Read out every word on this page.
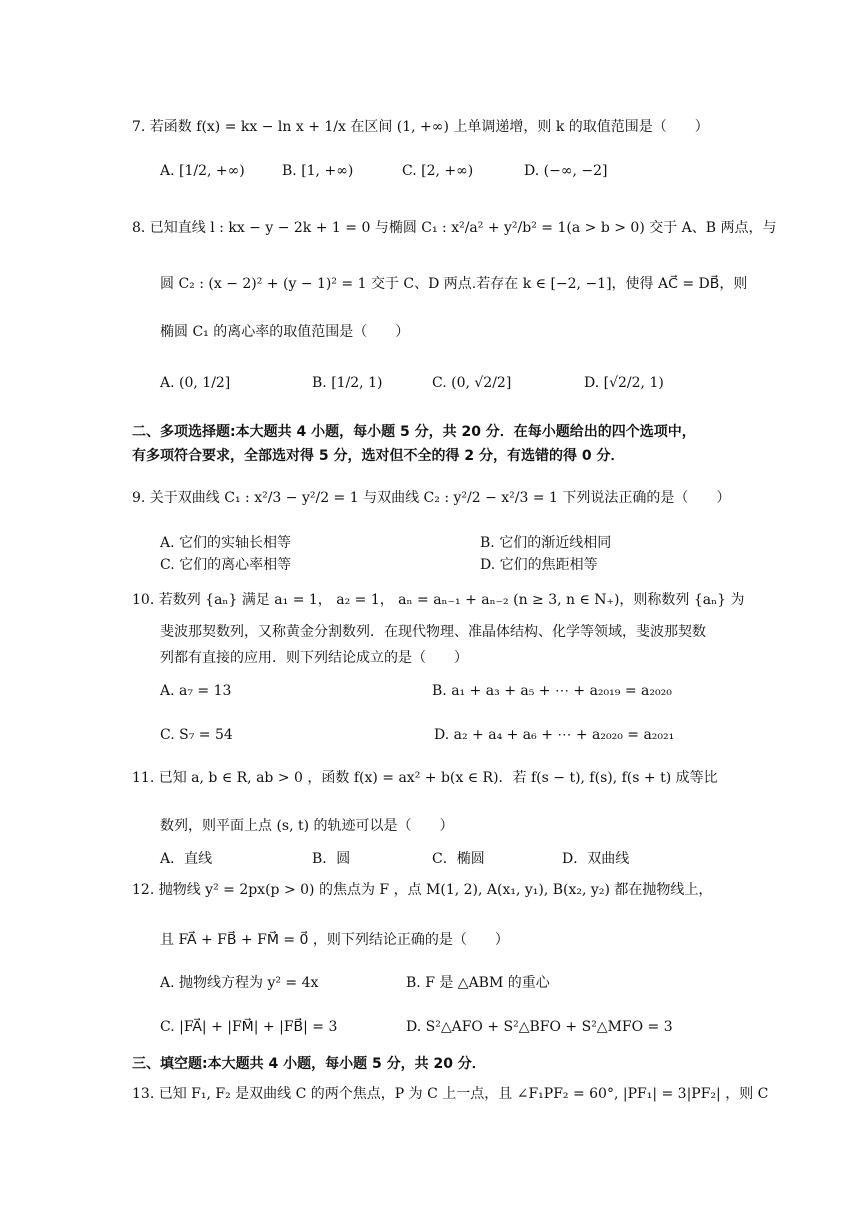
7. 若函数 f(x) = kx − ln x + 1/x 在区间 (1, +∞) 上单调递增，则 k 的取值范围是（　　）
A. [1/2, +∞)	B. [1, +∞)	C. [2, +∞)	D. (−∞, −2]
8. 已知直线 l : kx − y − 2k + 1 = 0 与椭圆 C₁ : x²/a² + y²/b² = 1(a > b > 0) 交于 A、B 两点，与
圆 C₂ : (x − 2)² + (y − 1)² = 1 交于 C、D 两点.若存在 k ∈ [−2, −1]，使得 AC⃗ = DB⃗，则
椭圆 C₁ 的离心率的取值范围是（　　）
A. (0, 1/2]	B. [1/2, 1)	C. (0, √2/2]	D. [√2/2, 1)
二、多项选择题:本大题共 4 小题，每小题 5 分，共 20 分．在每小题给出的四个选项中，
有多项符合要求，全部选对得 5 分，选对但不全的得 2 分，有选错的得 0 分．
9. 关于双曲线 C₁ : x²/3 − y²/2 = 1 与双曲线 C₂ : y²/2 − x²/3 = 1 下列说法正确的是（　　）
A. 它们的实轴长相等	B. 它们的渐近线相同
C. 它们的离心率相等	D. 它们的焦距相等
10. 若数列 {aₙ} 满足 a₁ = 1， a₂ = 1， aₙ = aₙ₋₁ + aₙ₋₂ (n ≥ 3, n ∈ N₊)，则称数列 {aₙ} 为
斐波那契数列，又称黄金分割数列．在现代物理、准晶体结构、化学等领域，斐波那契数
列都有直接的应用．则下列结论成立的是（　　）
A. a₇ = 13	B. a₁ + a₃ + a₅ + ⋯ + a₂₀₁₉ = a₂₀₂₀
C. S₇ = 54	D. a₂ + a₄ + a₆ + ⋯ + a₂₀₂₀ = a₂₀₂₁
11. 已知 a, b ∈ R, ab > 0 ，函数 f(x) = ax² + b(x ∈ R)．若 f(s − t), f(s), f(s + t) 成等比
数列，则平面上点 (s, t) 的轨迹可以是（　　）
A．直线	B．圆	C．椭圆	D．双曲线
12. 抛物线 y² = 2px(p > 0) 的焦点为 F ，点 M(1, 2), A(x₁, y₁), B(x₂, y₂) 都在抛物线上，
且 FA⃗ + FB⃗ + FM⃗ = 0⃗ ，则下列结论正确的是（　　）
A. 抛物线方程为 y² = 4x	B. F 是 △ABM 的重心
C. |FA⃗| + |FM⃗| + |FB⃗| = 3	D. S²△AFO + S²△BFO + S²△MFO = 3
三、填空题:本大题共 4 小题，每小题 5 分，共 20 分．
13. 已知 F₁, F₂ 是双曲线 C 的两个焦点，P 为 C 上一点，且 ∠F₁PF₂ = 60°, |PF₁| = 3|PF₂| ，则 C
